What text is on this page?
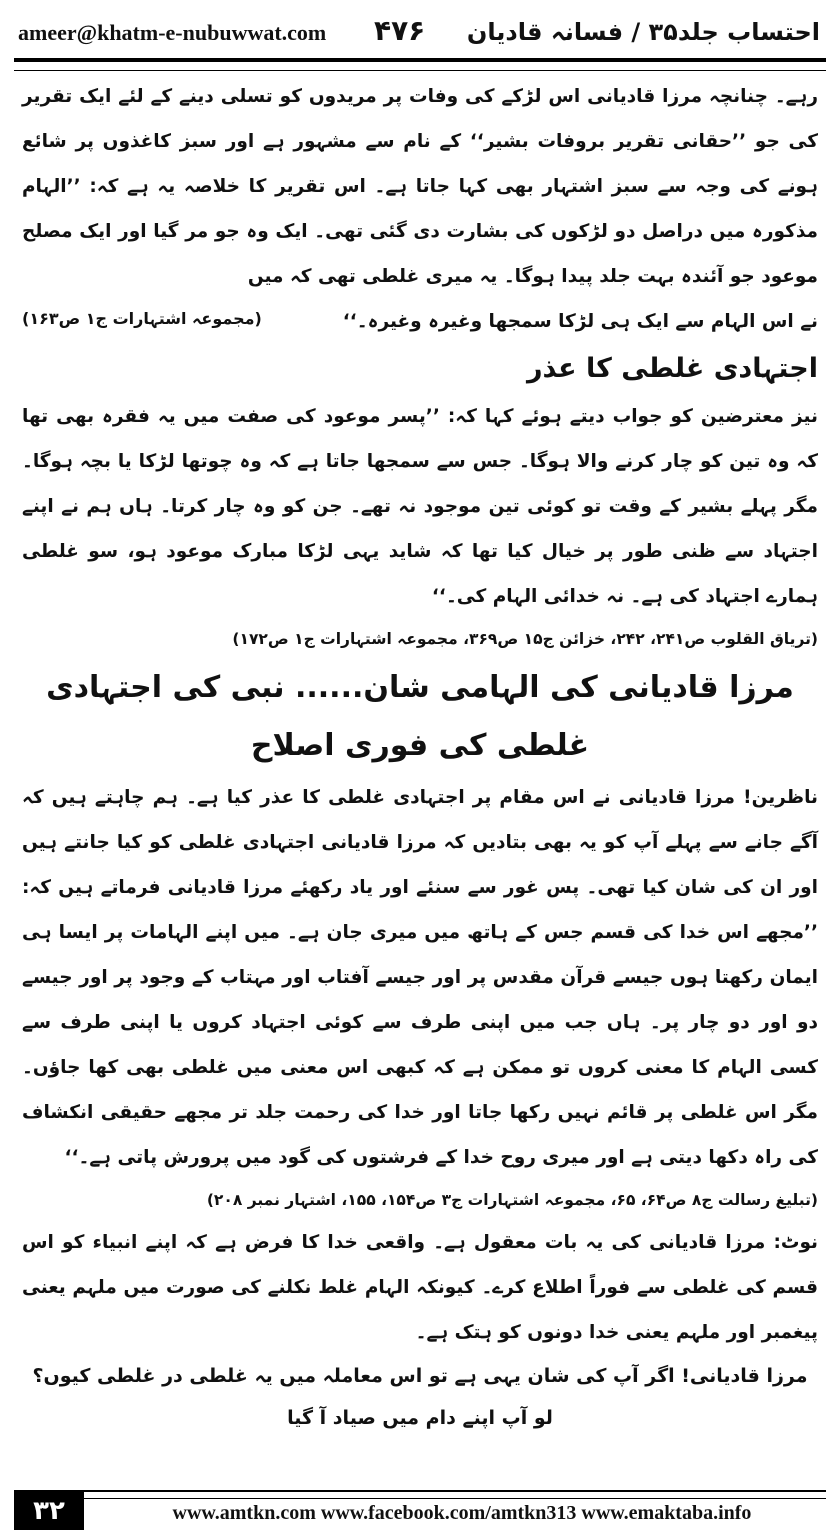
ameer@khatm-e-nubuwwat.com ۴۷۶ احتساب جلد۳۵ / فسانہ قادیان

رہے۔ چنانچہ مرزا قادیانی اس لڑکے کی وفات پر مریدوں کو تسلی دینے کے لئے ایک تقریر کی جو ’’حقانی تقریر بروفات بشیر‘‘ کے نام سے مشہور ہے اور سبز کاغذوں پر شائع ہونے کی وجہ سے سبز اشتہار بھی کہا جاتا ہے۔ اس تقریر کا خلاصہ یہ ہے کہ: ’’الہام مذکورہ میں دراصل دو لڑکوں کی بشارت دی گئی تھی۔ ایک وہ جو مر گیا اور ایک مصلح موعود جو آئندہ بہت جلد پیدا ہوگا۔ یہ میری غلطی تھی کہ میں

نے اس الہام سے ایک ہی لڑکا سمجھا وغیرہ وغیرہ۔‘‘
(مجموعہ اشتہارات ج۱ ص۱۶۳)
اجتہادی غلطی کا عذر

نیز معترضین کو جواب دیتے ہوئے کہا کہ: ’’پسر موعود کی صفت میں یہ فقرہ بھی تھا کہ وہ تین کو چار کرنے والا ہوگا۔ جس سے سمجھا جاتا ہے کہ وہ چوتھا لڑکا یا بچہ ہوگا۔ مگر پہلے بشیر کے وقت تو کوئی تین موجود نہ تھے۔ جن کو وہ چار کرتا۔ ہاں ہم نے اپنے اجتہاد سے ظنی طور پر خیال کیا تھا کہ شاید یہی لڑکا مبارک موعود ہو، سو غلطی ہمارے اجتہاد کی ہے۔ نہ خدائی الہام کی۔‘‘

(تریاق القلوب ص۲۴۱، ۲۴۲، خزائن ج۱۵ ص۳۶۹، مجموعہ اشتہارات ج۱ ص۱۷۲)

مرزا قادیانی کی الہامی شان...... نبی کی اجتہادی غلطی کی فوری اصلاح

ناظرین! مرزا قادیانی نے اس مقام پر اجتہادی غلطی کا عذر کیا ہے۔ ہم چاہتے ہیں کہ آگے جانے سے پہلے آپ کو یہ بھی بتادیں کہ مرزا قادیانی اجتہادی غلطی کو کیا جانتے ہیں اور ان کی شان کیا تھی۔ پس غور سے سنئے اور یاد رکھئے مرزا قادیانی فرماتے ہیں کہ: ’’مجھے اس خدا کی قسم جس کے ہاتھ میں میری جان ہے۔ میں اپنے الہامات پر ایسا ہی ایمان رکھتا ہوں جیسے قرآن مقدس پر اور جیسے آفتاب اور مہتاب کے وجود پر اور جیسے دو اور دو چار پر۔ ہاں جب میں اپنی طرف سے کوئی اجتہاد کروں یا اپنی طرف سے کسی الہام کا معنی کروں تو ممکن ہے کہ کبھی اس معنی میں غلطی بھی کھا جاؤں۔ مگر اس غلطی پر قائم نہیں رکھا جاتا اور خدا کی رحمت جلد تر مجھے حقیقی انکشاف کی راہ دکھا دیتی ہے اور میری روح خدا کے فرشتوں کی گود میں پرورش پاتی ہے۔‘‘

(تبلیغ رسالت ج۸ ص۶۴، ۶۵، مجموعہ اشتہارات ج۳ ص۱۵۴، ۱۵۵، اشتہار نمبر ۲۰۸)

نوٹ: مرزا قادیانی کی یہ بات معقول ہے۔ واقعی خدا کا فرض ہے کہ اپنے انبیاء کو اس قسم کی غلطی سے فوراً اطلاع کرے۔ کیونکہ الہام غلط نکلنے کی صورت میں ملہم یعنی پیغمبر اور ملہم یعنی خدا دونوں کو ہتک ہے۔

مرزا قادیانی! اگر آپ کی شان یہی ہے تو اس معاملہ میں یہ غلطی در غلطی کیوں؟

لو آپ اپنے دام میں صیاد آ گیا

۳۲	www.amtkn.com www.facebook.com/amtkn313 www.emaktaba.info
